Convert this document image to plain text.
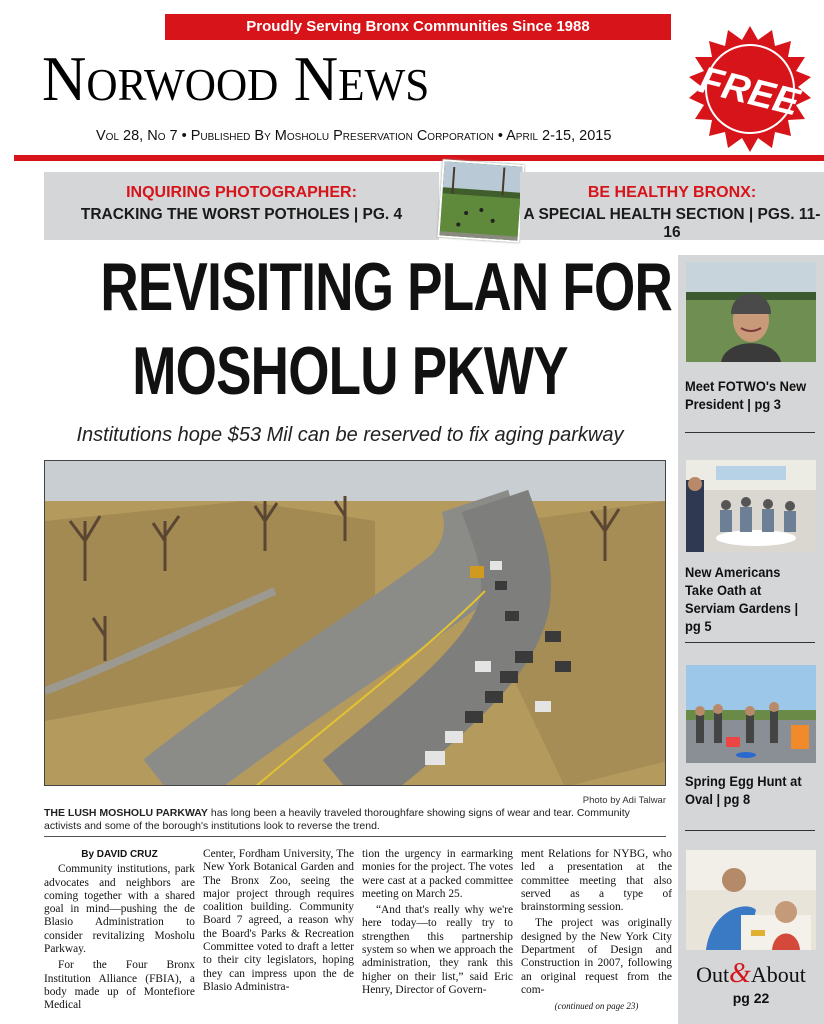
Proudly Serving Bronx Communities Since 1988
Norwood News	FREE
Vol 28, No 7 • Published By Mosholu Preservation Corporation • April 2-15, 2015
INQUIRING PHOTOGRAPHER:
TRACKING THE WORST POTHOLES | PG. 4
BE HEALTHY BRONX:
A SPECIAL HEALTH SECTION | PGS. 11-16
REVISITING PLAN FOR
MOSHOLU PKWY
Institutions hope $53 Mil can be reserved to fix aging parkway
Photo by Adi Talwar
THE LUSH MOSHOLU PARKWAY has long been a heavily traveled thoroughfare showing signs of wear and tear. Community activists and some of the borough's institutions look to reverse the trend.
By DAVID CRUZ

Community institutions, park advocates and neighbors are coming together with a shared goal in mind—pushing the de Blasio Administration to consider revitalizing Mosholu Parkway.

For the Four Bronx Institution Alliance (FBIA), a body made up of Montefiore Medical

Center, Fordham University, The New York Botanical Garden and The Bronx Zoo, seeing the major project through requires coalition building. Community Board 7 agreed, a reason why the Board's Parks & Recreation Committee voted to draft a letter to their city legislators, hoping they can impress upon the de Blasio Administra-

tion the urgency in earmarking monies for the project. The votes were cast at a packed committee meeting on March 25.

“And that's really why we're here today—to really try to strengthen this partnership system so when we approach the administration, they rank this higher on their list,” said Eric Henry, Director of Govern-

ment Relations for NYBG, who led a presentation at the committee meeting that also served as a type of brainstorming session.

The project was originally designed by the New York City Department of Design and Construction in 2007, following an original request from the com-

(continued on page 23)
Meet FOTWO's New President | pg 3
New Americans Take Oath at Serviam Gardens | pg 5
Spring Egg Hunt at Oval | pg 8
Out&About
pg 22
